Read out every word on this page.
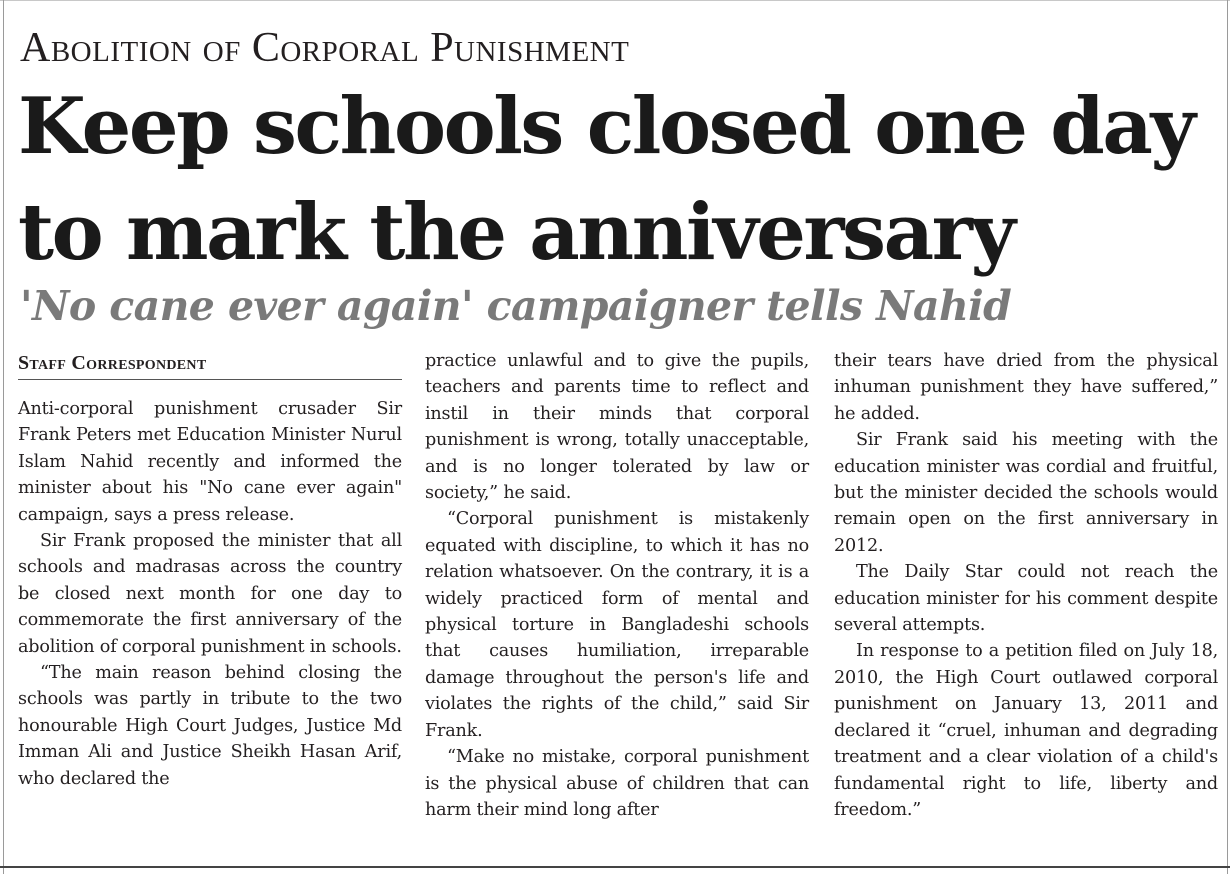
Abolition of Corporal Punishment
Keep schools closed one day to mark the anniversary
'No cane ever again' campaigner tells Nahid
Staff Correspondent

Anti-corporal punishment crusader Sir Frank Peters met Education Minister Nurul Islam Nahid recently and informed the minister about his "No cane ever again" campaign, says a press release.

Sir Frank proposed the minister that all schools and madrasas across the country be closed next month for one day to commemorate the first anniversary of the abolition of corporal punishment in schools.

“The main reason behind closing the schools was partly in tribute to the two honourable High Court Judges, Justice Md Imman Ali and Justice Sheikh Hasan Arif, who declared the

practice unlawful and to give the pupils, teachers and parents time to reflect and instil in their minds that corporal punishment is wrong, totally unacceptable, and is no longer tolerated by law or society,” he said.

“Corporal punishment is mistakenly equated with discipline, to which it has no relation whatsoever. On the contrary, it is a widely practiced form of mental and physical torture in Bangladeshi schools that causes humiliation, irreparable damage throughout the person's life and violates the rights of the child,” said Sir Frank.

“Make no mistake, corporal punishment is the physical abuse of children that can harm their mind long after

their tears have dried from the physical inhuman punishment they have suffered,” he added.

Sir Frank said his meeting with the education minister was cordial and fruitful, but the minister decided the schools would remain open on the first anniversary in 2012.

The Daily Star could not reach the education minister for his comment despite several attempts.

In response to a petition filed on July 18, 2010, the High Court outlawed corporal punishment on January 13, 2011 and declared it “cruel, inhuman and degrading treatment and a clear violation of a child's fundamental right to life, liberty and freedom.”
